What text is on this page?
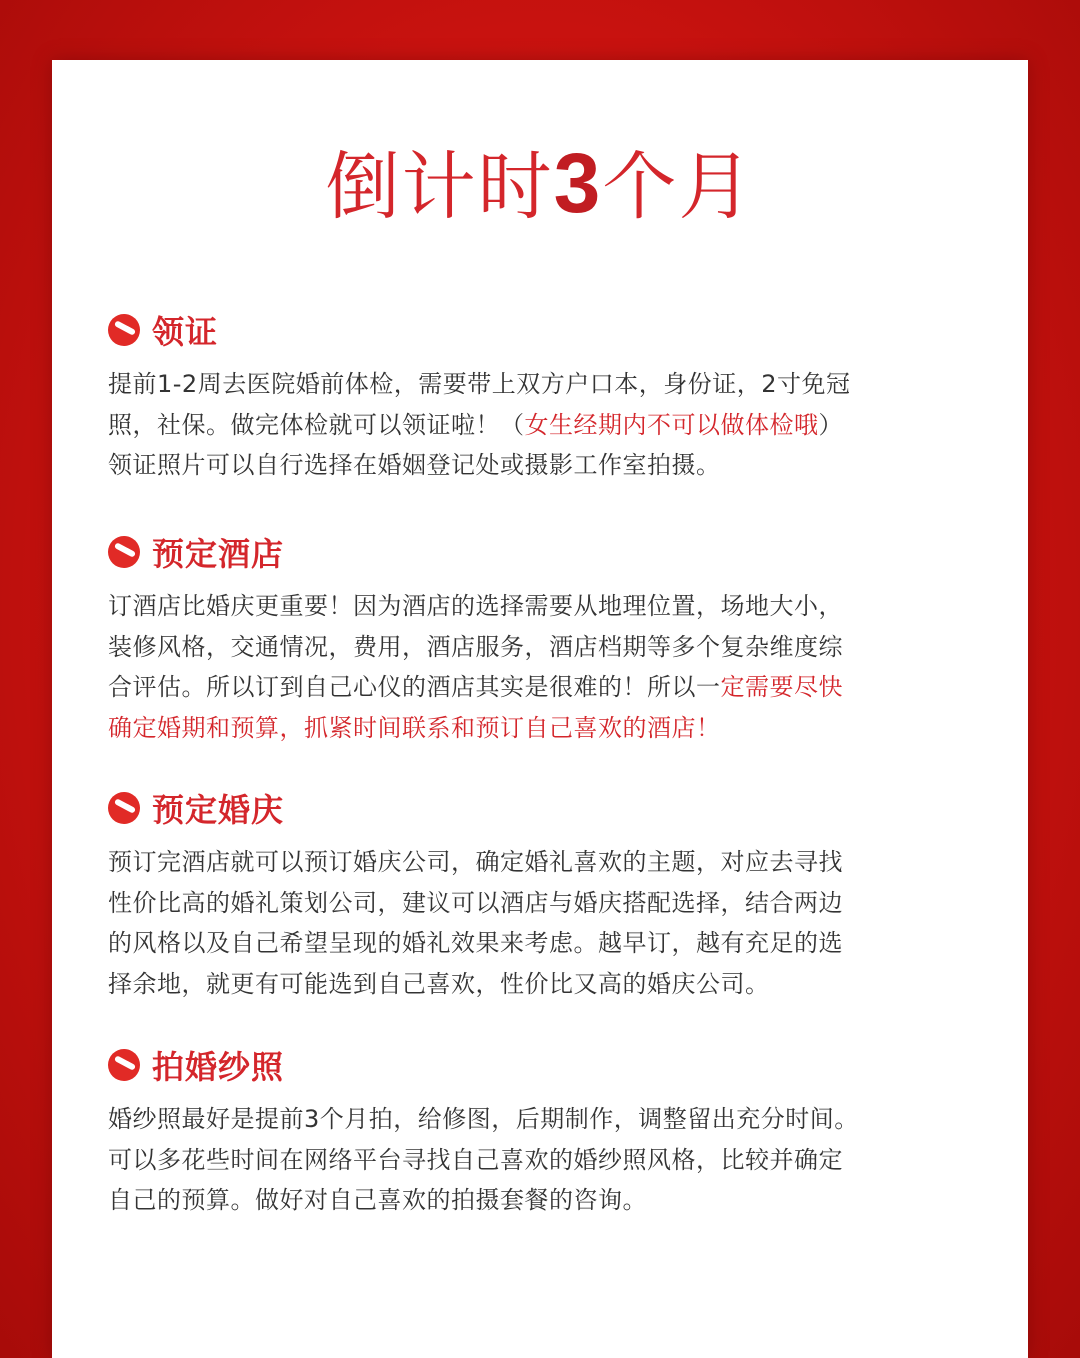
倒计时3个月
领证
提前1-2周去医院婚前体检，需要带上双方户口本，身份证，2寸免冠
照，社保。做完体检就可以领证啦！（女生经期内不可以做体检哦）
领证照片可以自行选择在婚姻登记处或摄影工作室拍摄。
预定酒店
订酒店比婚庆更重要！因为酒店的选择需要从地理位置，场地大小，
装修风格，交通情况，费用，酒店服务，酒店档期等多个复杂维度综
合评估。所以订到自己心仪的酒店其实是很难的！所以一定需要尽快
确定婚期和预算，抓紧时间联系和预订自己喜欢的酒店！
预定婚庆
预订完酒店就可以预订婚庆公司，确定婚礼喜欢的主题，对应去寻找
性价比高的婚礼策划公司，建议可以酒店与婚庆搭配选择，结合两边
的风格以及自己希望呈现的婚礼效果来考虑。越早订，越有充足的选
择余地，就更有可能选到自己喜欢，性价比又高的婚庆公司。
拍婚纱照
婚纱照最好是提前3个月拍，给修图，后期制作，调整留出充分时间。
可以多花些时间在网络平台寻找自己喜欢的婚纱照风格，比较并确定
自己的预算。做好对自己喜欢的拍摄套餐的咨询。
